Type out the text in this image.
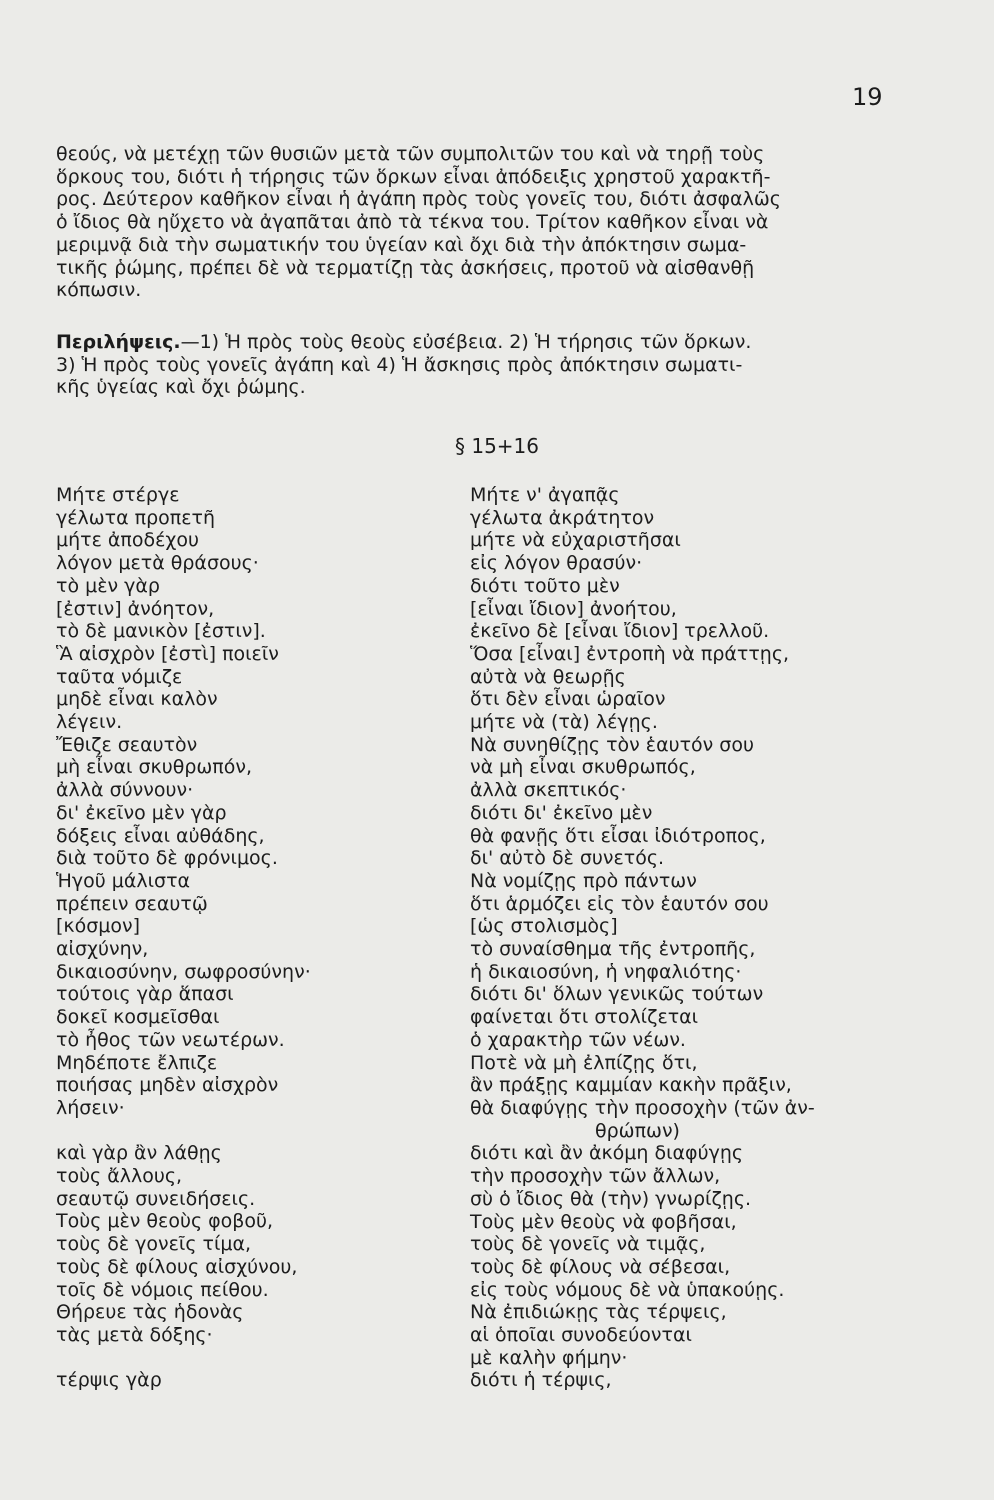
19
θεούς, νὰ μετέχῃ τῶν θυσιῶν μετὰ τῶν συμπολιτῶν του καὶ νὰ τηρῇ τοὺς
ὅρκους του, διότι ἡ τήρησις τῶν ὅρκων εἶναι ἀπόδειξις χρηστοῦ χαρακτῆ-
ρος. Δεύτερον καθῆκον εἶναι ἡ ἀγάπη πρὸς τοὺς γονεῖς του, διότι ἀσφαλῶς
ὁ ἴδιος θὰ ηὔχετο νὰ ἀγαπᾶται ἀπὸ τὰ τέκνα του. Τρίτον καθῆκον εἶναι νὰ
μεριμνᾷ διὰ τὴν σωματικήν του ὑγείαν καὶ ὄχι διὰ τὴν ἀπόκτησιν σωμα-
τικῆς ῥώμης, πρέπει δὲ νὰ τερματίζῃ τὰς ἀσκήσεις, προτοῦ νὰ αἰσθανθῇ
κόπωσιν.
Περιλήψεις.—1) Ἡ πρὸς τοὺς θεοὺς εὐσέβεια. 2) Ἡ τήρησις τῶν ὅρκων.
3) Ἡ πρὸς τοὺς γονεῖς ἀγάπη καὶ 4) Ἡ ἄσκησις πρὸς ἀπόκτησιν σωματι-
κῆς ὑγείας καὶ ὄχι ῥώμης.
§ 15+16
Μήτε στέργε
γέλωτα προπετῆ
μήτε ἀποδέχου
λόγον μετὰ θράσους·
τὸ μὲν γὰρ
[ἐστιν] ἀνόητον,
τὸ δὲ μανικὸν [ἐστιν].
Ἃ αἰσχρὸν [ἐστὶ] ποιεῖν
ταῦτα νόμιζε
μηδὲ εἶναι καλὸν
λέγειν.
Ἔθιζε σεαυτὸν
μὴ εἶναι σκυθρωπόν,
ἀλλὰ σύννουν·
δι' ἐκεῖνο μὲν γὰρ
δόξεις εἶναι αὐθάδης,
διὰ τοῦτο δὲ φρόνιμος.
Ἡγοῦ μάλιστα
πρέπειν σεαυτῷ
[κόσμον]
αἰσχύνην,
δικαιοσύνην, σωφροσύνην·
τούτοις γὰρ ἅπασι
δοκεῖ κοσμεῖσθαι
τὸ ἦθος τῶν νεωτέρων.
Μηδέποτε ἔλπιζε
ποιήσας μηδὲν αἰσχρὸν
λήσειν·
καὶ γὰρ ἂν λάθῃς
τοὺς ἄλλους,
σεαυτῷ συνειδήσεις.
Τοὺς μὲν θεοὺς φοβοῦ,
τοὺς δὲ γονεῖς τίμα,
τοὺς δὲ φίλους αἰσχύνου,
τοῖς δὲ νόμοις πείθου.
Θήρευε τὰς ἡδονὰς
τὰς μετὰ δόξης·
τέρψις γὰρ
Μήτε ν' ἀγαπᾷς
γέλωτα ἀκράτητον
μήτε νὰ εὐχαριστῆσαι
εἰς λόγον θρασύν·
διότι τοῦτο μὲν
[εἶναι ἴδιον] ἀνοήτου,
ἐκεῖνο δὲ [εἶναι ἴδιον] τρελλοῦ.
Ὅσα [εἶναι] ἐντροπὴ νὰ πράττῃς,
αὐτὰ νὰ θεωρῇς
ὅτι δὲν εἶναι ὡραῖον
μήτε νὰ (τὰ) λέγῃς.
Νὰ συνηθίζῃς τὸν ἑαυτόν σου
νὰ μὴ εἶναι σκυθρωπός,
ἀλλὰ σκεπτικός·
διότι δι' ἐκεῖνο μὲν
θὰ φανῇς ὅτι εἶσαι ἰδιότροπος,
δι' αὐτὸ δὲ συνετός.
Νὰ νομίζῃς πρὸ πάντων
ὅτι ἁρμόζει εἰς τὸν ἑαυτόν σου
[ὡς στολισμὸς]
τὸ συναίσθημα τῆς ἐντροπῆς,
ἡ δικαιοσύνη, ἡ νηφαλιότης·
διότι δι' ὅλων γενικῶς τούτων
φαίνεται ὅτι στολίζεται
ὁ χαρακτὴρ τῶν νέων.
Ποτὲ νὰ μὴ ἐλπίζῃς ὅτι,
ἂν πράξῃς καμμίαν κακὴν πρᾶξιν,
θὰ διαφύγῃς τὴν προσοχὴν (τῶν ἀν-
θρώπων)
διότι καὶ ἂν ἀκόμη διαφύγῃς
τὴν προσοχὴν τῶν ἄλλων,
σὺ ὁ ἴδιος θὰ (τὴν) γνωρίζῃς.
Τοὺς μὲν θεοὺς νὰ φοβῆσαι,
τοὺς δὲ γονεῖς νὰ τιμᾷς,
τοὺς δὲ φίλους νὰ σέβεσαι,
εἰς τοὺς νόμους δὲ νὰ ὑπακούῃς.
Νὰ ἐπιδιώκῃς τὰς τέρψεις,
αἱ ὁποῖαι συνοδεύονται
μὲ καλὴν φήμην·
διότι ἡ τέρψις,
